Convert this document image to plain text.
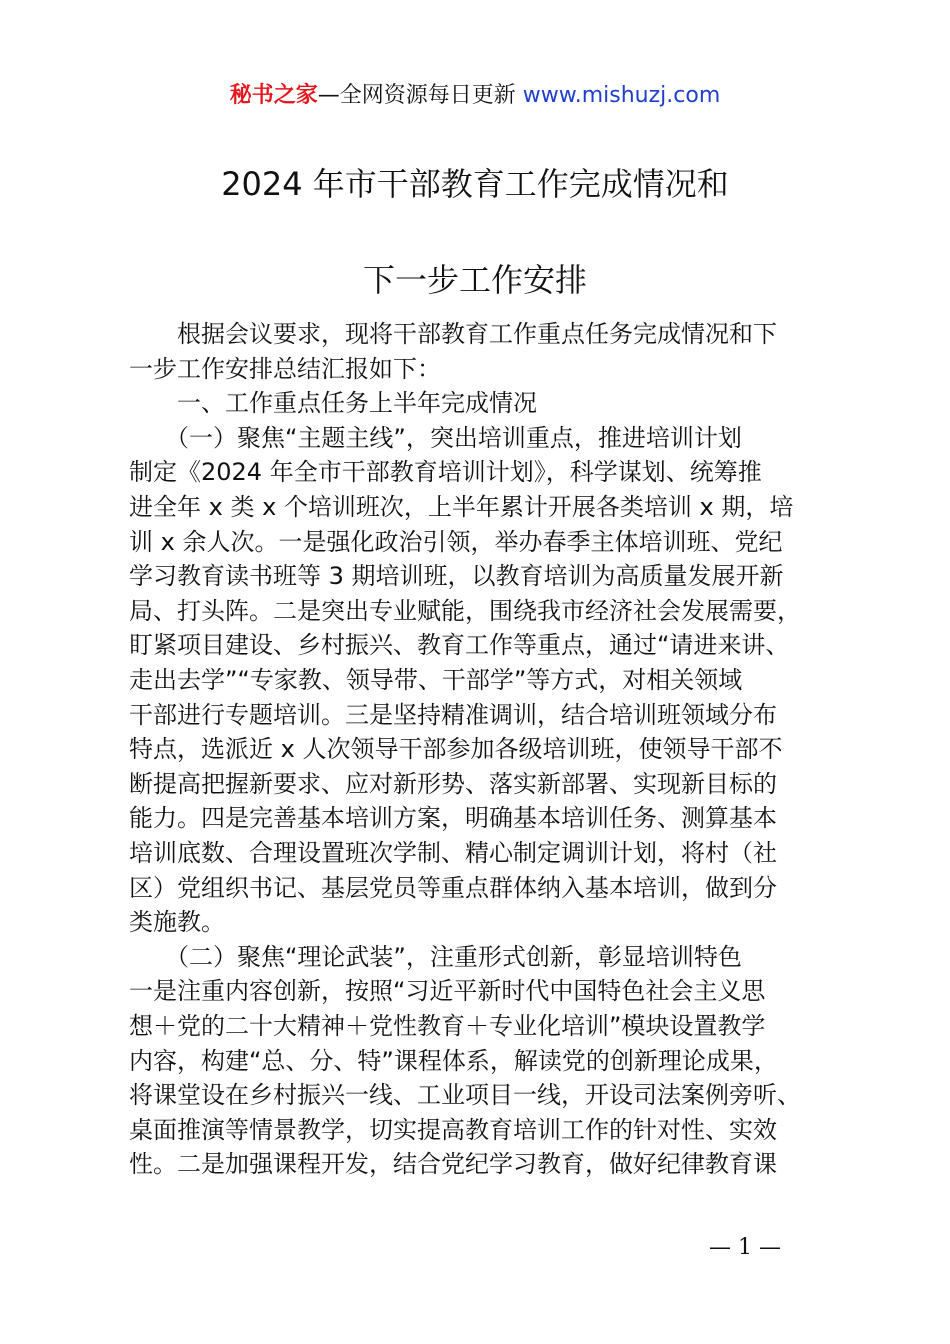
秘书之家—全网资源每日更新 www.mishuzj.com
2024 年市干部教育工作完成情况和
下一步工作安排
　　根据会议要求，现将干部教育工作重点任务完成情况和下
一步工作安排总结汇报如下：
　　一、工作重点任务上半年完成情况
　　（一）聚焦“主题主线”，突出培训重点，推进培训计划
制定《2024 年全市干部教育培训计划》，科学谋划、统筹推
进全年 x 类 x 个培训班次，上半年累计开展各类培训 x 期，培
训 x 余人次。一是强化政治引领，举办春季主体培训班、党纪
学习教育读书班等 3 期培训班，以教育培训为高质量发展开新
局、打头阵。二是突出专业赋能，围绕我市经济社会发展需要，
盯紧项目建设、乡村振兴、教育工作等重点，通过“请进来讲、
走出去学”“专家教、领导带、干部学”等方式，对相关领域
干部进行专题培训。三是坚持精准调训，结合培训班领域分布
特点，选派近 x 人次领导干部参加各级培训班，使领导干部不
断提高把握新要求、应对新形势、落实新部署、实现新目标的
能力。四是完善基本培训方案，明确基本培训任务、测算基本
培训底数、合理设置班次学制、精心制定调训计划，将村（社
区）党组织书记、基层党员等重点群体纳入基本培训，做到分
类施教。
　　（二）聚焦“理论武装”，注重形式创新，彰显培训特色
一是注重内容创新，按照“习近平新时代中国特色社会主义思
想＋党的二十大精神＋党性教育＋专业化培训”模块设置教学
内容，构建“总、分、特”课程体系，解读党的创新理论成果，
将课堂设在乡村振兴一线、工业项目一线，开设司法案例旁听、
桌面推演等情景教学，切实提高教育培训工作的针对性、实效
性。二是加强课程开发，结合党纪学习教育，做好纪律教育课
— 1 —
